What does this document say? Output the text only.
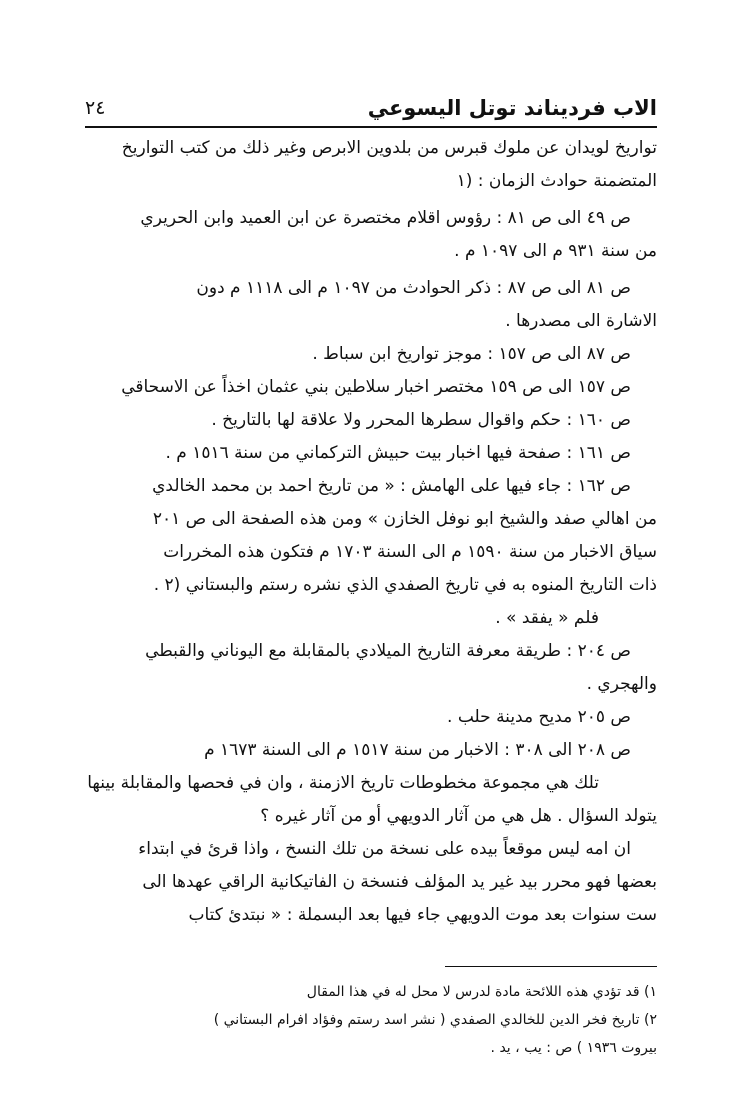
الاب فرديناند توتل اليسوعي
٢٤
تواريخ لويدان عن ملوك قبرس من بلدوين الابرص وغير ذلك من كتب التواريخ
المتضمنة حوادث الزمان : (١
ص ٤٩ الى ص ٨١ : رؤوس اقلام مختصرة عن ابن العميد وابن الحريري
من سنة ٩٣١ م الى ١٠٩٧ م .
ص ٨١ الى ص ٨٧ : ذكر الحوادث من ١٠٩٧ م الى ١١١٨ م دون
الاشارة الى مصدرها .
ص ٨٧ الى ص ١٥٧ : موجز تواريخ ابن سباط .
ص ١٥٧ الى ص ١٥٩ مختصر اخبار سلاطين بني عثمان اخذاً عن الاسحاقي
ص ١٦٠ : حكم واقوال سطرها المحرر ولا علاقة لها بالتاريخ .
ص ١٦١ : صفحة فيها اخبار بيت حبيش التركماني من سنة ١٥١٦ م .
ص ١٦٢ : جاء فيها على الهامش : « من تاريخ احمد بن محمد الخالدي
من اهالي صفد والشيخ ابو نوفل الخازن » ومن هذه الصفحة الى ص ٢٠١
سياق الاخبار من سنة ١٥٩٠ م الى السنة ١٧٠٣ م فتكون هذه المخررات
ذات التاريخ المنوه به في تاريخ الصفدي الذي نشره رستم والبستاني (٢ .
فلم « يفقد » .
ص ٢٠٤ : طريقة معرفة التاريخ الميلادي بالمقابلة مع اليوناني والقبطي
والهجري .
ص ٢٠٥ مديح مدينة حلب .
ص ٢٠٨ الى ٣٠٨ : الاخبار من سنة ١٥١٧ م الى السنة ١٦٧٣ م
تلك هي مجموعة مخطوطات تاريخ الازمنة ، وان في فحصها والمقابلة بينها
يتولد السؤال . هل هي من آثار الدويهي أو من آثار غيره ؟
ان امه ليس موقعاً بيده على نسخة من تلك النسخ ، واذا قرئ في ابتداء
بعضها فهو محرر بيد غير يد المؤلف فنسخة ن الفاتيكانية الراقي عهدها الى
ست سنوات بعد موت الدويهي جاء فيها بعد البسملة : « نبتدئ كتاب
١) قد تؤدي هذه اللائحة مادة لدرس لا محل له في هذا المقال
٢) تاريخ فخر الدين للخالدي الصفدي ( نشر اسد رستم وفؤاد افرام البستاني )
بيروت ١٩٣٦ ) ص : يب ، يد .
